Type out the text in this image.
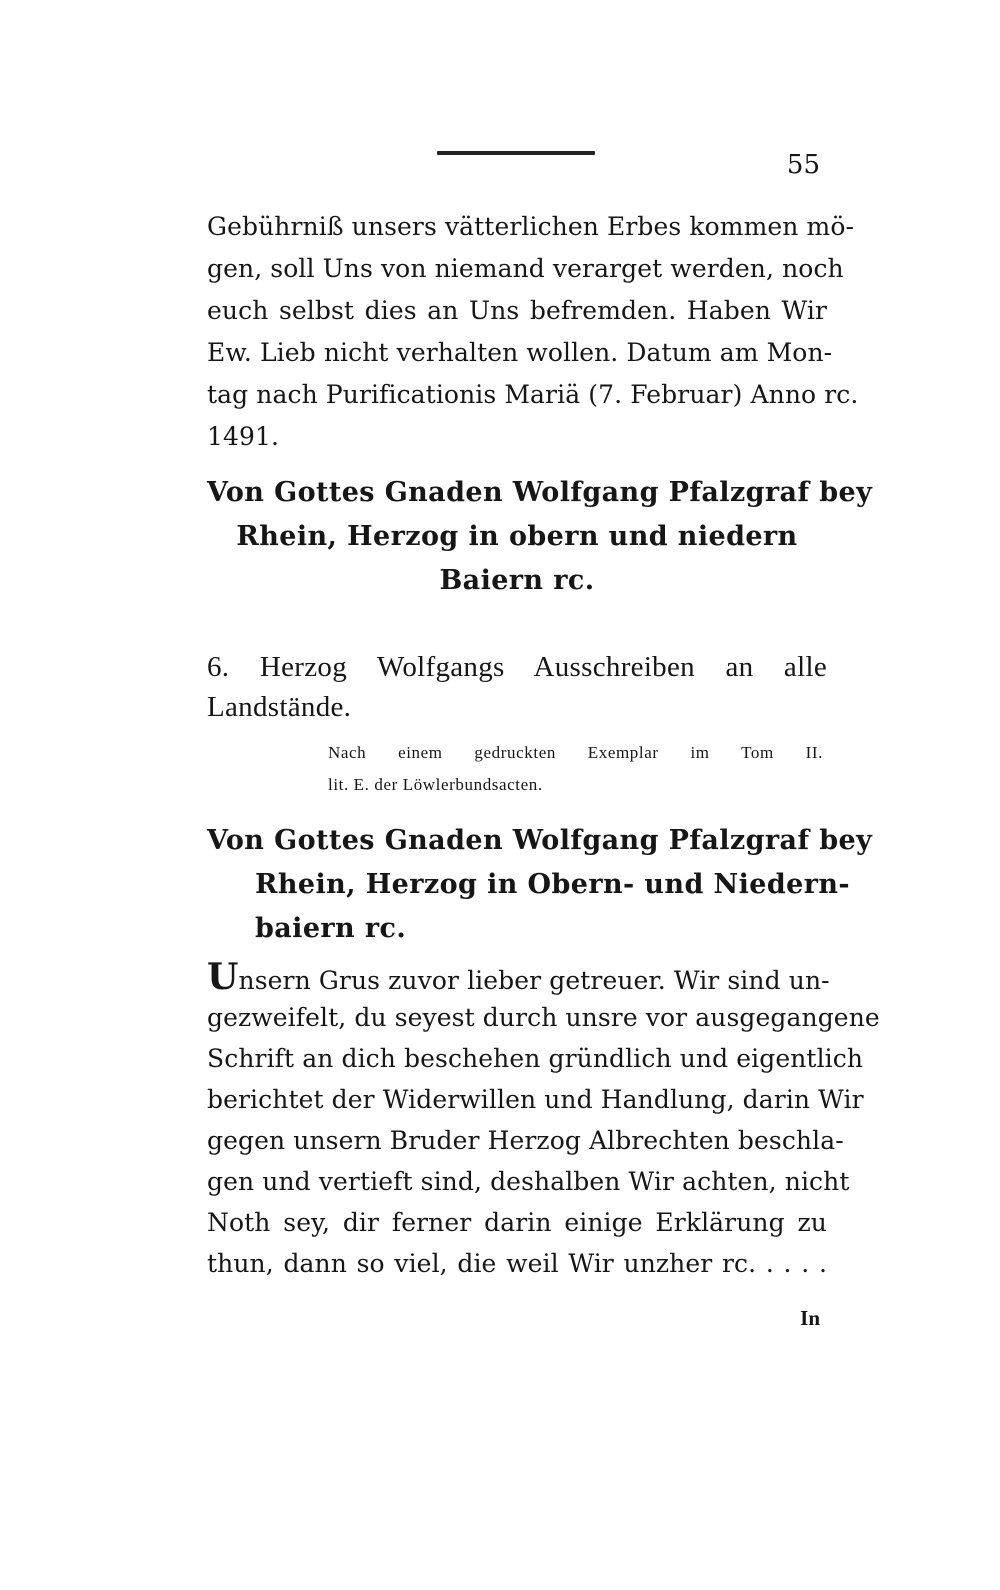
55
Gebührniß unsers vätterlichen Erbes kommen mö-
gen, soll Uns von niemand verarget werden, noch
euch selbst dies an Uns befremden. Haben Wir
Ew. Lieb nicht verhalten wollen. Datum am Mon-
tag nach Purificationis Mariä (7. Februar) Anno rc.
1491.
Von Gottes Gnaden Wolfgang Pfalzgraf bey
Rhein, Herzog in obern und niedern
Baiern rc.
6. Herzog Wolfgangs Ausschreiben an alle
Landstände.
Nach einem gedruckten Exemplar im Tom II.
lit. E. der Löwlerbundsacten.
Von Gottes Gnaden Wolfgang Pfalzgraf bey
Rhein, Herzog in Obern- und Niedern-
baiern rc.
Unsern Grus zuvor lieber getreuer. Wir sind un-
gezweifelt, du seyest durch unsre vor ausgegangene
Schrift an dich beschehen gründlich und eigentlich
berichtet der Widerwillen und Handlung, darin Wir
gegen unsern Bruder Herzog Albrechten beschla-
gen und vertieft sind, deshalben Wir achten, nicht
Noth sey, dir ferner darin einige Erklärung zu
thun, dann so viel, die weil Wir unzher rc. . . . .
In
